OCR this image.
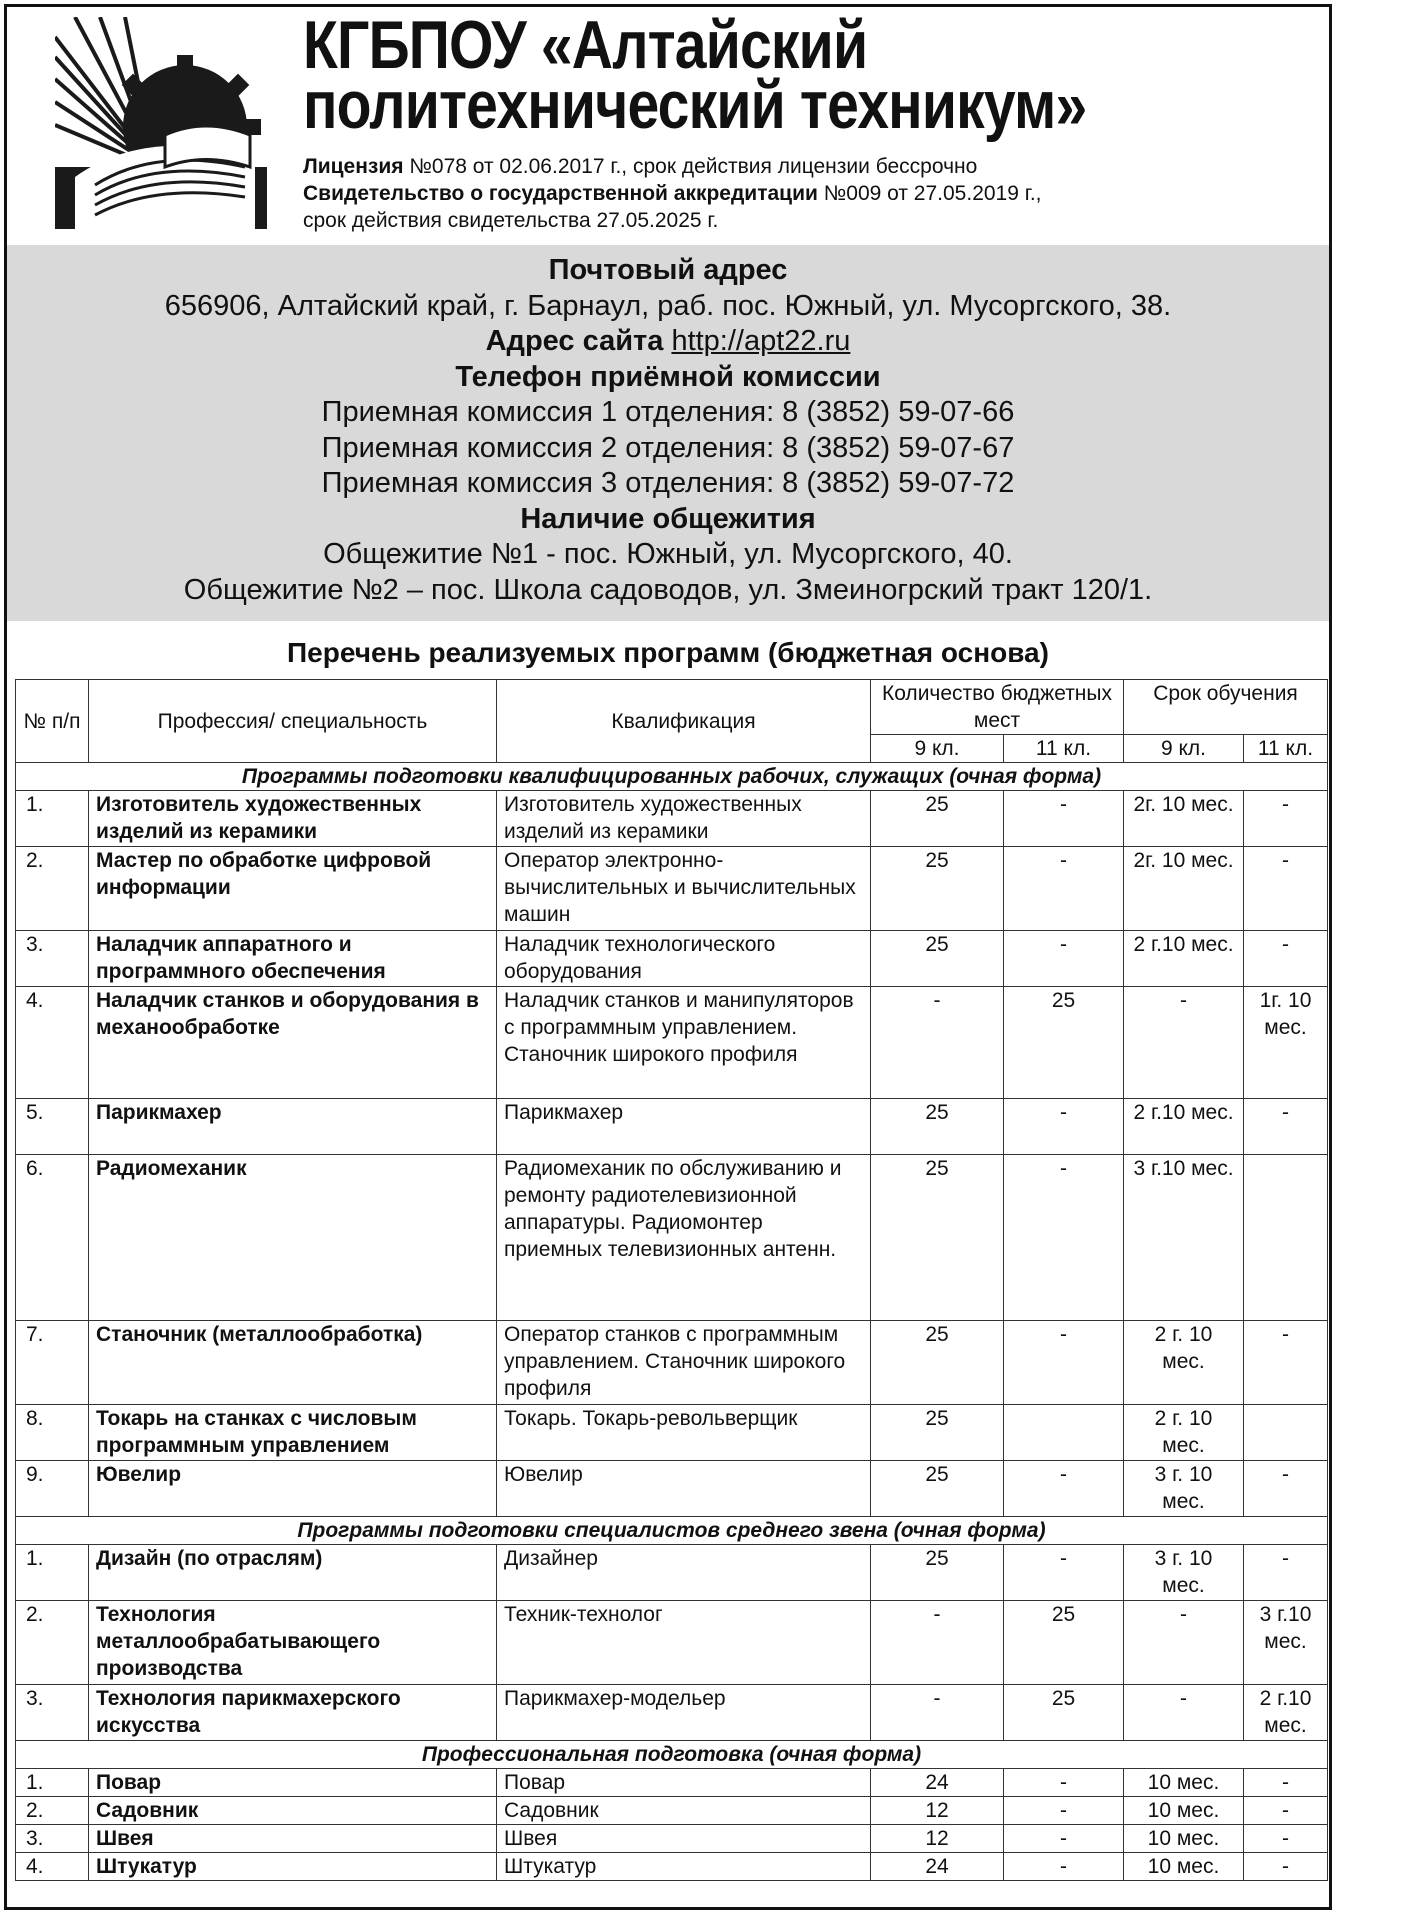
КГБПОУ «Алтайский
политехнический техникум»
Лицензия №078 от 02.06.2017 г., срок действия лицензии бессрочно
Свидетельство о государственной аккредитации №009 от 27.05.2019 г.,
срок действия свидетельства 27.05.2025 г.
Почтовый адрес
656906, Алтайский край, г. Барнаул, раб. пос. Южный, ул. Мусоргского, 38.
Адрес сайта http://apt22.ru
Телефон приёмной комиссии
Приемная комиссия 1 отделения: 8 (3852) 59-07-66
Приемная комиссия 2 отделения: 8 (3852) 59-07-67
Приемная комиссия 3 отделения: 8 (3852) 59-07-72
Наличие общежития
Общежитие №1 - пос. Южный, ул. Мусоргского, 40.
Общежитие №2 – пос. Школа садоводов, ул. Змеиногрский тракт 120/1.
Перечень реализуемых программ (бюджетная основа)
№ п/п	Профессия/ специальность	Квалификация	Количество бюджетных мест		Срок обучения	
			9 кл.	11 кл.	9 кл.	11 кл.
Программы подготовки квалифицированных рабочих, служащих (очная форма)						
1.	Изготовитель художественных изделий из керамики	Изготовитель художественных изделий из керамики	25	-	2г. 10 мес.	-
2.	Мастер по обработке цифровой информации	Оператор электронно-вычислительных и вычислительных машин	25	-	2г. 10 мес.	-
3.	Наладчик аппаратного и программного обеспечения	Наладчик технологического оборудования	25	-	2 г.10 мес.	-
4.	Наладчик станков и оборудования в механообработке	Наладчик станков и манипуляторов с программным управлением. Станочник широкого профиля	-	25	-	1г. 10 мес.
5.	Парикмахер	Парикмахер	25	-	2 г.10 мес.	-
6.	Радиомеханик	Радиомеханик по обслуживанию и ремонту радиотелевизионной аппаратуры. Радиомонтер приемных телевизионных антенн.	25	-	3 г.10 мес.	
7.	Станочник (металлообработка)	Оператор станков с программным управлением. Станочник широкого профиля	25	-	2 г. 10 мес.	-
8.	Токарь на станках с числовым программным управлением	Токарь. Токарь-револьверщик	25		2 г. 10 мес.	
9.	Ювелир	Ювелир	25	-	3 г. 10 мес.	-
Программы подготовки специалистов среднего звена (очная форма)						
1.	Дизайн (по отраслям)	Дизайнер	25	-	3 г. 10 мес.	-
2.	Технология металлообрабатывающего производства	Техник-технолог	-	25	-	3 г.10 мес.
3.	Технология парикмахерского искусства	Парикмахер-модельер	-	25	-	2 г.10 мес.
Профессиональная подготовка (очная форма)						
1.	Повар	Повар	24	-	10 мес.	-
2.	Садовник	Садовник	12	-	10 мес.	-
3.	Швея	Швея	12	-	10 мес.	-
4.	Штукатур	Штукатур	24	-	10 мес.	-
